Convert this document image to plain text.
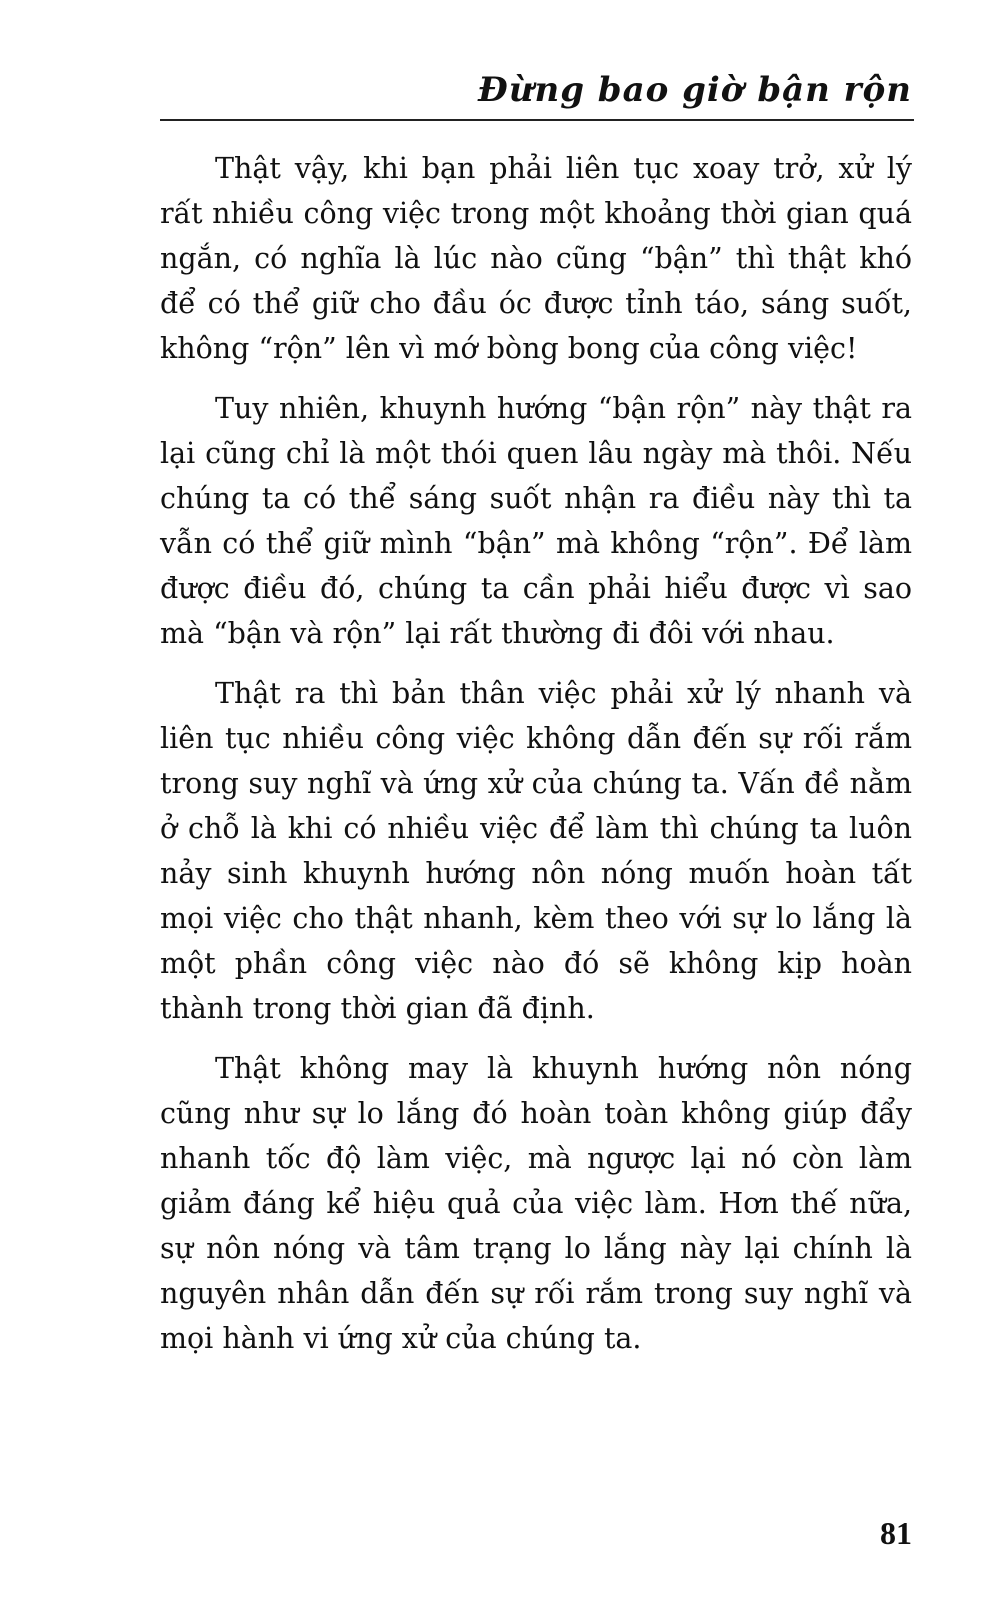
Đừng bao giờ bận rộn

Thật vậy, khi bạn phải liên tục xoay trở, xử lý rất nhiều công việc trong một khoảng thời gian quá ngắn, có nghĩa là lúc nào cũng “bận” thì thật khó để có thể giữ cho đầu óc được tỉnh táo, sáng suốt, không “rộn” lên vì mớ bòng bong của công việc!

Tuy nhiên, khuynh hướng “bận rộn” này thật ra lại cũng chỉ là một thói quen lâu ngày mà thôi. Nếu chúng ta có thể sáng suốt nhận ra điều này thì ta vẫn có thể giữ mình “bận” mà không “rộn”. Để làm được điều đó, chúng ta cần phải hiểu được vì sao mà “bận và rộn” lại rất thường đi đôi với nhau.

Thật ra thì bản thân việc phải xử lý nhanh và liên tục nhiều công việc không dẫn đến sự rối rắm trong suy nghĩ và ứng xử của chúng ta. Vấn đề nằm ở chỗ là khi có nhiều việc để làm thì chúng ta luôn nảy sinh khuynh hướng nôn nóng muốn hoàn tất mọi việc cho thật nhanh, kèm theo với sự lo lắng là một phần công việc nào đó sẽ không kịp hoàn thành trong thời gian đã định.

Thật không may là khuynh hướng nôn nóng cũng như sự lo lắng đó hoàn toàn không giúp đẩy nhanh tốc độ làm việc, mà ngược lại nó còn làm giảm đáng kể hiệu quả của việc làm. Hơn thế nữa, sự nôn nóng và tâm trạng lo lắng này lại chính là nguyên nhân dẫn đến sự rối rắm trong suy nghĩ và mọi hành vi ứng xử của chúng ta.

81
